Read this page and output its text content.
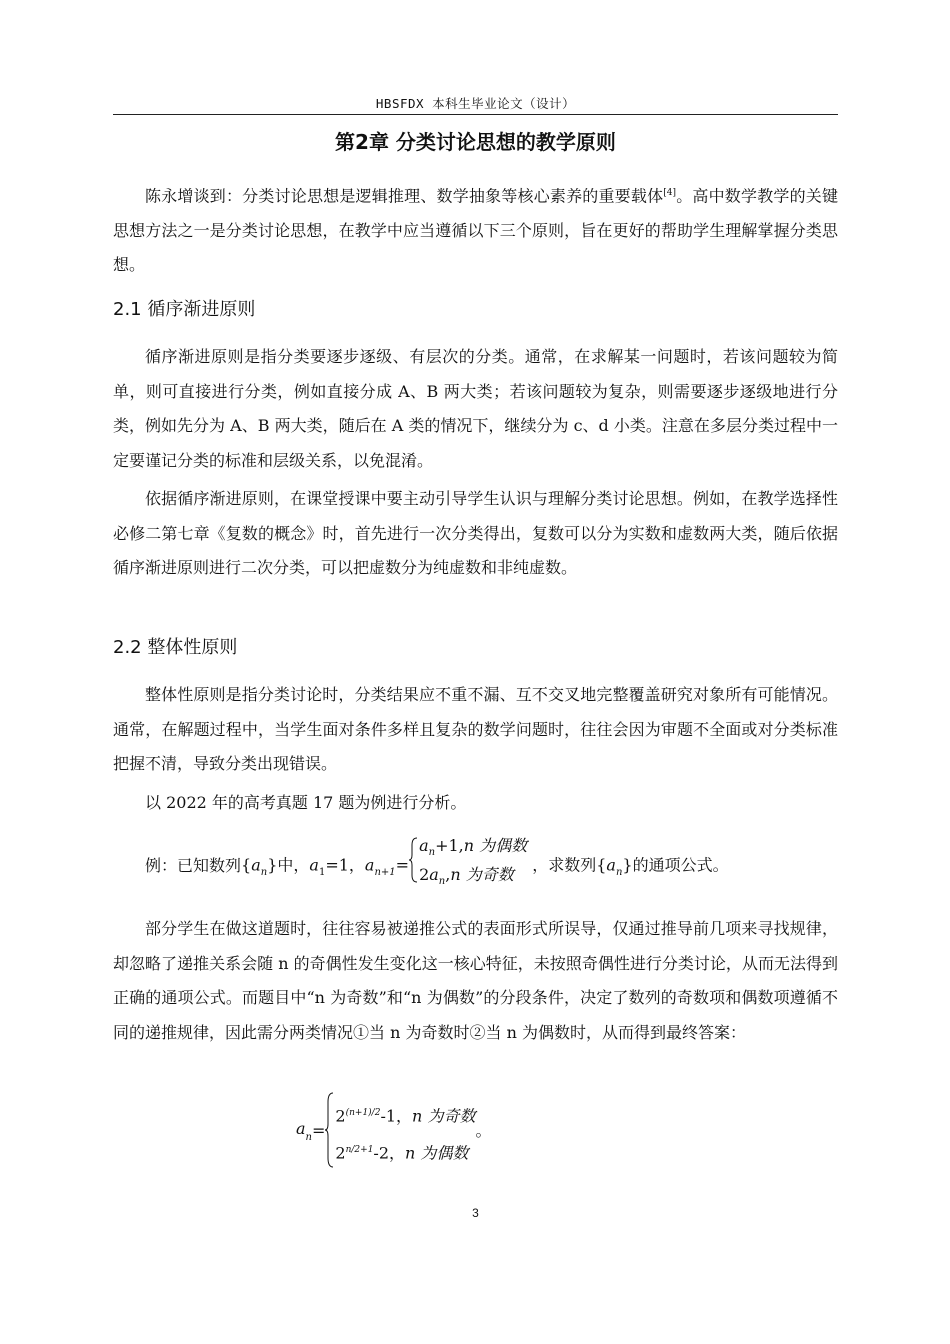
HBSFDX 本科生毕业论文（设计）
第2章 分类讨论思想的教学原则

陈永增谈到：分类讨论思想是逻辑推理、数学抽象等核心素养的重要载体[4]。高中数学教学的关键思想方法之一是分类讨论思想，在教学中应当遵循以下三个原则，旨在更好的帮助学生理解掌握分类思想。

2.1 循序渐进原则

循序渐进原则是指分类要逐步逐级、有层次的分类。通常，在求解某一问题时，若该问题较为简单，则可直接进行分类，例如直接分成 A、B 两大类；若该问题较为复杂，则需要逐步逐级地进行分类，例如先分为 A、B 两大类，随后在 A 类的情况下，继续分为 c、d 小类。注意在多层分类过程中一定要谨记分类的标准和层级关系，以免混淆。

依据循序渐进原则，在课堂授课中要主动引导学生认识与理解分类讨论思想。例如，在教学选择性必修二第七章《复数的概念》时，首先进行一次分类得出，复数可以分为实数和虚数两大类，随后依据循序渐进原则进行二次分类，可以把虚数分为纯虚数和非纯虚数。

2.2 整体性原则

整体性原则是指分类讨论时，分类结果应不重不漏、互不交叉地完整覆盖研究对象所有可能情况。通常，在解题过程中，当学生面对条件多样且复杂的数学问题时，往往会因为审题不全面或对分类标准把握不清，导致分类出现错误。

以 2022 年的高考真题 17 题为例进行分析。

例：已知数列$\{a_n\}$中，$a_1=1$，$a_{n+1}=$
$a_n+1,n$ 为偶数
$2a_n,n$ 为奇数 ，求数列$\{a_n\}$的通项公式。

部分学生在做这道题时，往往容易被递推公式的表面形式所误导，仅通过推导前几项来寻找规律，却忽略了递推关系会随 n 的奇偶性发生变化这一核心特征，未按照奇偶性进行分类讨论，从而无法得到正确的通项公式。而题目中“n 为奇数”和“n 为偶数”的分段条件，决定了数列的奇数项和偶数项遵循不同的递推规律，因此需分两类情况①当 n 为奇数时②当 n 为偶数时，从而得到最终答案：

$a_n=$
$2^{(n+1)/2}-1$，n 为奇数
$2^{n/2+1}-2$，n 为偶数
。
3
